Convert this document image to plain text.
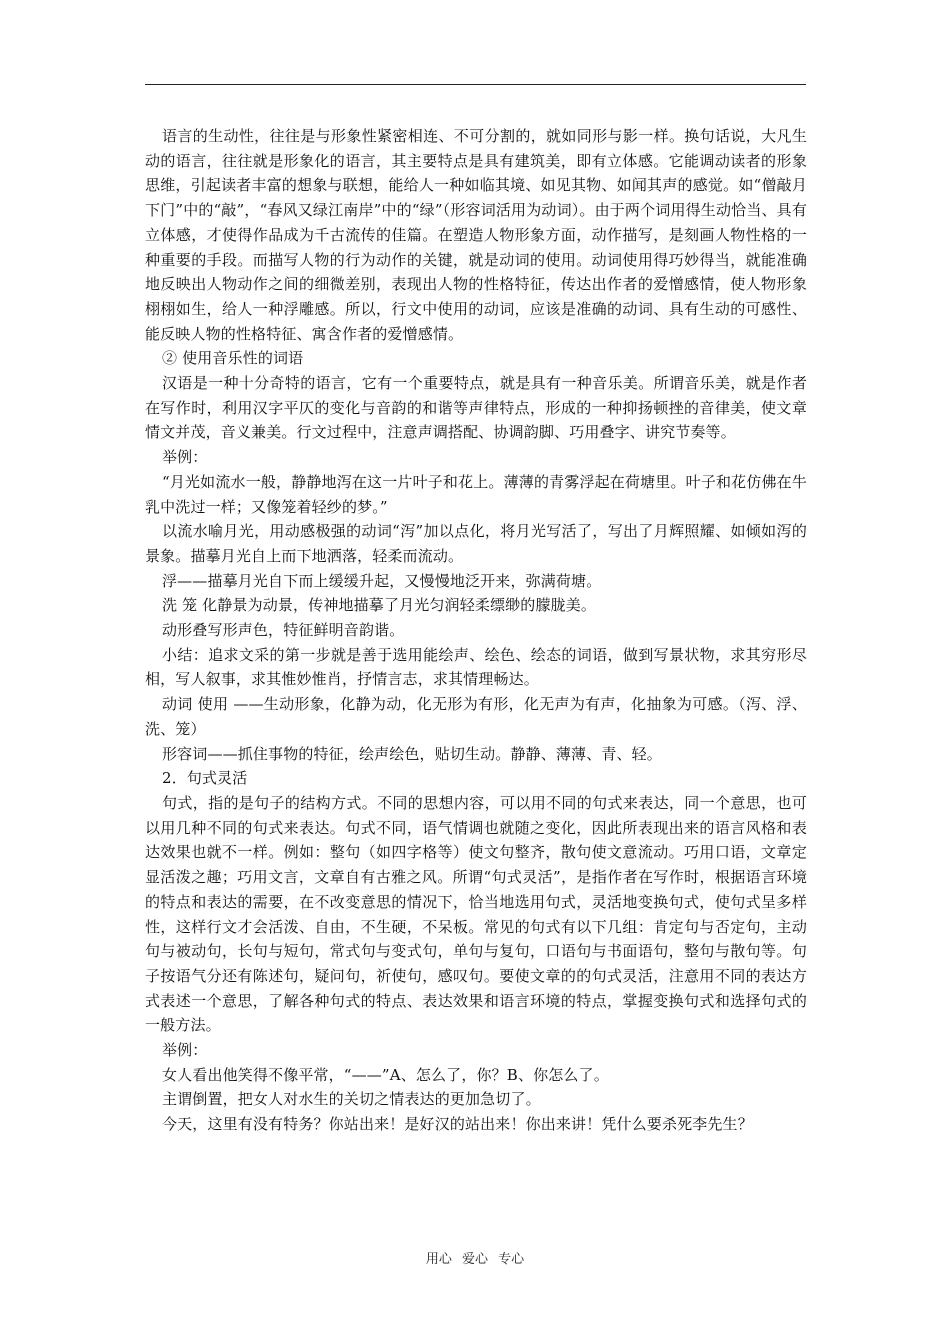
语言的生动性，往往是与形象性紧密相连、不可分割的，就如同形与影一样。换句话说，大凡生动的语言，往往就是形象化的语言，其主要特点是具有建筑美，即有立体感。它能调动读者的形象思维，引起读者丰富的想象与联想，能给人一种如临其境、如见其物、如闻其声的感觉。如“僧敲月下门”中的“敲”，“春风又绿江南岸”中的“绿”（形容词活用为动词）。由于两个词用得生动恰当、具有立体感，才使得作品成为千古流传的佳篇。在塑造人物形象方面，动作描写，是刻画人物性格的一种重要的手段。而描写人物的行为动作的关键，就是动词的使用。动词使用得巧妙得当，就能准确地反映出人物动作之间的细微差别，表现出人物的性格特征，传达出作者的爱憎感情，使人物形象栩栩如生，给人一种浮雕感。所以，行文中使用的动词，应该是准确的动词、具有生动的可感性、能反映人物的性格特征、寓含作者的爱憎感情。

② 使用音乐性的词语

汉语是一种十分奇特的语言，它有一个重要特点，就是具有一种音乐美。所谓音乐美，就是作者在写作时，利用汉字平仄的变化与音韵的和谐等声律特点，形成的一种抑扬顿挫的音律美，使文章情文并茂，音义兼美。行文过程中，注意声调搭配、协调韵脚、巧用叠字、讲究节奏等。

举例：

“月光如流水一般，静静地泻在这一片叶子和花上。薄薄的青雾浮起在荷塘里。叶子和花仿佛在牛乳中洗过一样；又像笼着轻纱的梦。”

以流水喻月光，用动感极强的动词“泻”加以点化，将月光写活了，写出了月辉照耀、如倾如泻的景象。描摹月光自上而下地洒落，轻柔而流动。

浮——描摹月光自下而上缓缓升起，又慢慢地泛开来，弥满荷塘。

洗 笼 化静景为动景，传神地描摹了月光匀润轻柔缥缈的朦胧美。

动形叠写形声色，特征鲜明音韵谐。

小结：追求文采的第一步就是善于选用能绘声、绘色、绘态的词语，做到写景状物，求其穷形尽相，写人叙事，求其惟妙惟肖，抒情言志，求其情理畅达。

动词 使用 ——生动形象，化静为动，化无形为有形，化无声为有声，化抽象为可感。（泻、浮、洗、笼）

形容词——抓住事物的特征，绘声绘色，贴切生动。静静、薄薄、青、轻。

2．句式灵活

句式，指的是句子的结构方式。不同的思想内容，可以用不同的句式来表达，同一个意思，也可以用几种不同的句式来表达。句式不同，语气情调也就随之变化，因此所表现出来的语言风格和表达效果也就不一样。例如：整句（如四字格等）使文句整齐，散句使文意流动。巧用口语，文章定显活泼之趣；巧用文言，文章自有古雅之风。所谓“句式灵活”，是指作者在写作时，根据语言环境的特点和表达的需要，在不改变意思的情况下，恰当地选用句式，灵活地变换句式，使句式呈多样性，这样行文才会活泼、自由，不生硬，不呆板。常见的句式有以下几组：肯定句与否定句，主动句与被动句，长句与短句，常式句与变式句，单句与复句，口语句与书面语句，整句与散句等。句子按语气分还有陈述句，疑问句，祈使句，感叹句。要使文章的的句式灵活，注意用不同的表达方式表述一个意思，了解各种句式的特点、表达效果和语言环境的特点，掌握变换句式和选择句式的一般方法。

举例：

女人看出他笑得不像平常，“——”A、怎么了，你？B、你怎么了。

主谓倒置，把女人对水生的关切之情表达的更加急切了。

今天，这里有没有特务？你站出来！是好汉的站出来！你出来讲！凭什么要杀死李先生？

用心 爱心 专心
